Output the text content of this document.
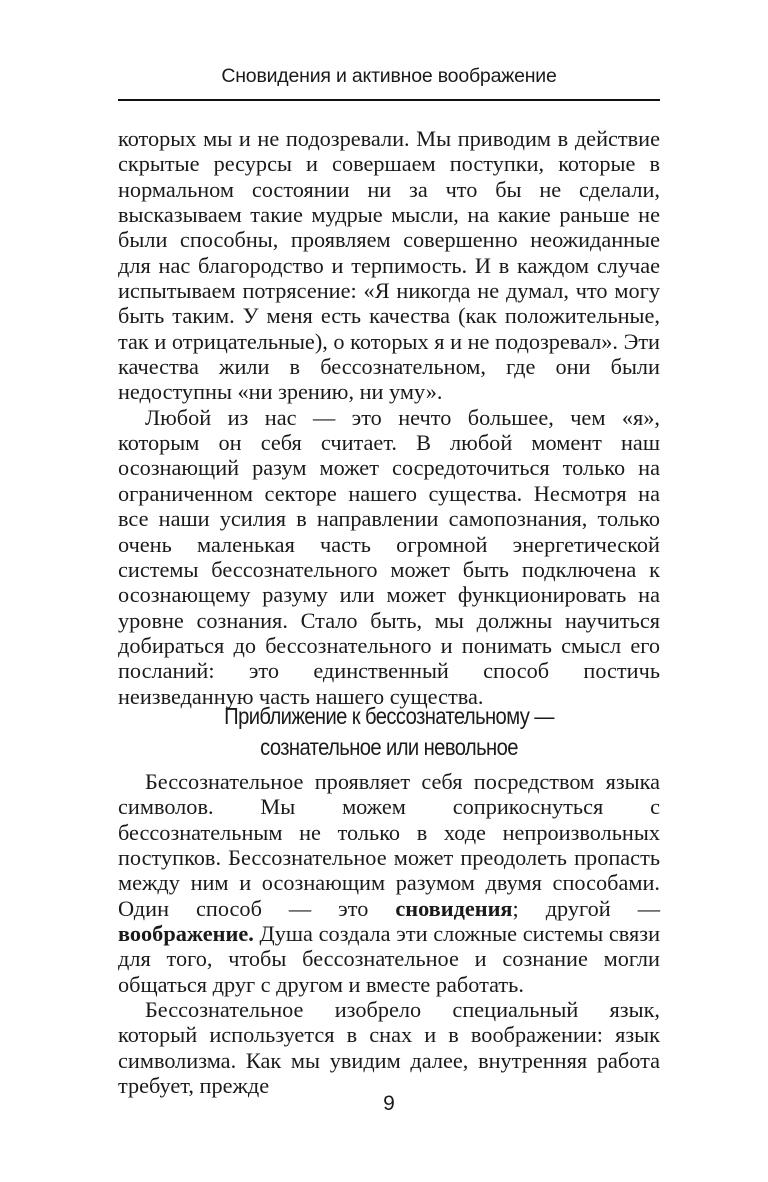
Сновидения и активное воображение

которых мы и не подозревали. Мы приводим в действие скрытые ресурсы и совершаем поступки, которые в нормальном состоянии ни за что бы не сделали, высказываем такие мудрые мысли, на какие раньше не были способны, проявляем совершенно неожиданные для нас благородство и терпимость. И в каждом случае испытываем потрясение: «Я никогда не думал, что могу быть таким. У меня есть качества (как положительные, так и отрицательные), о которых я и не подозревал». Эти качества жили в бессознательном, где они были недоступны «ни зрению, ни уму».

Любой из нас — это нечто большее, чем «я», которым он себя считает. В любой момент наш осознающий разум может сосредоточиться только на ограниченном секторе нашего существа. Несмотря на все наши усилия в направлении самопознания, только очень маленькая часть огромной энергетической системы бессознательного может быть подключена к осознающему разуму или может функционировать на уровне сознания. Стало быть, мы должны научиться добираться до бессознательного и понимать смысл его посланий: это единственный способ постичь неизведанную часть нашего существа.

Приближение к бессознательному —
сознательное или невольное

Бессознательное проявляет себя посредством языка символов. Мы можем соприкоснуться с бессознательным не только в ходе непроизвольных поступков. Бессознательное может преодолеть пропасть между ним и осознающим разумом двумя способами. Один способ — это сновидения; другой — воображение. Душа создала эти сложные системы связи для того, чтобы бессознательное и сознание могли общаться друг с другом и вместе работать.

Бессознательное изобрело специальный язык, который используется в снах и в воображении: язык символизма. Как мы увидим далее, внутренняя работа требует, прежде

9
